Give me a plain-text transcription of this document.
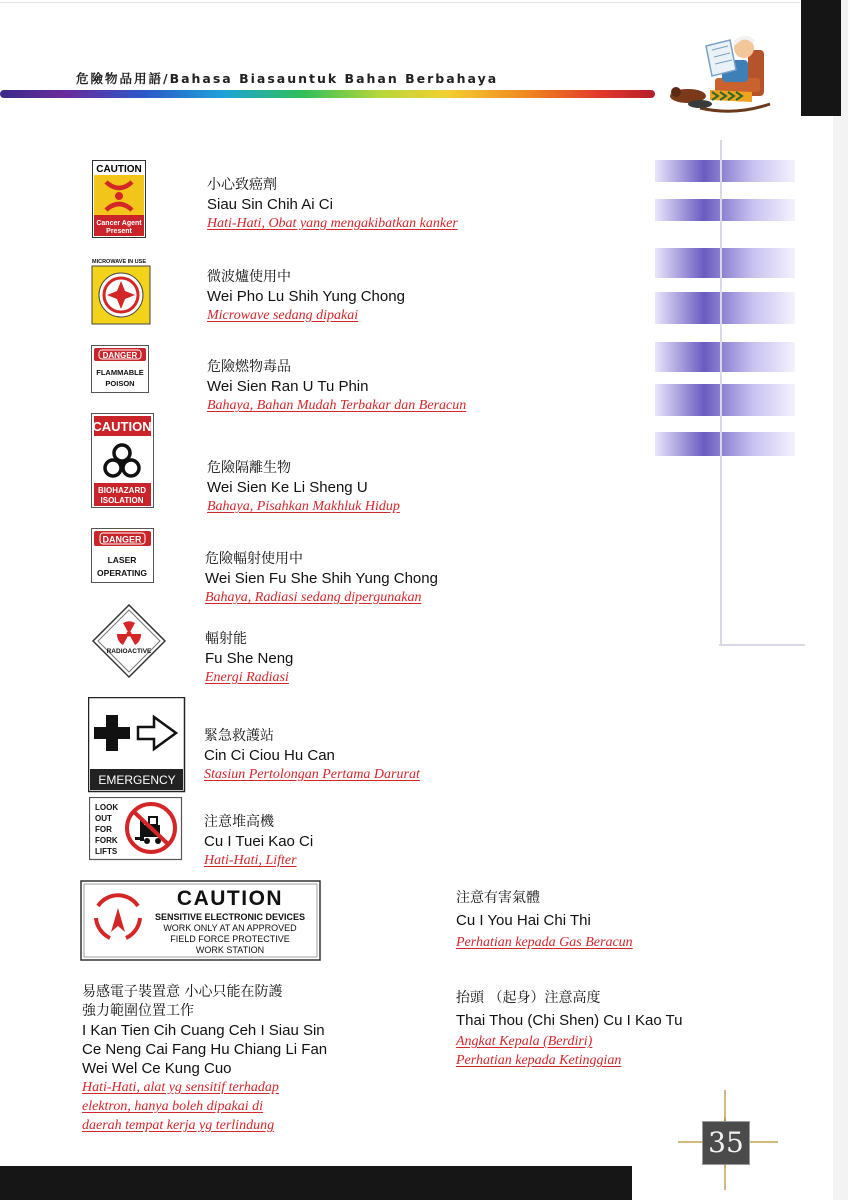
危險物品用語/Bahasa Biasauntuk Bahan Berbahaya
CAUTION
Cancer Agent
Present
小心致癌劑
Siau Sin Chih Ai Ci
Hati-Hati, Obat yang mengakibatkan kanker
MICROWAVE IN USE
微波爐使用中
Wei Pho Lu Shih Yung Chong
Microwave sedang dipakai
DANGER
FLAMMABLE
POISON
危險燃物毒品
Wei Sien Ran U Tu Phin
Bahaya, Bahan Mudah Terbakar dan Beracun
CAUTION
BIOHAZARD
ISOLATION
危險隔離生物
Wei Sien Ke Li Sheng U
Bahaya, Pisahkan Makhluk Hidup
DANGER
LASER
OPERATING
危險輻射使用中
Wei Sien Fu She Shih Yung Chong
Bahaya, Radiasi sedang dipergunakan
RADIOACTIVE
輻射能
Fu She Neng
Energi Radiasi
EMERGENCY
緊急救護站
Cin Ci Ciou Hu Can
Stasiun Pertolongan Pertama Darurat
LOOK
OUT
FOR
FORK
LIFTS
注意堆高機
Cu I Tuei Kao Ci
Hati-Hati, Lifter
CAUTION
SENSITIVE ELECTRONIC DEVICES
WORK ONLY AT AN APPROVED
FIELD FORCE PROTECTIVE
WORK STATION
易感電子裝置意 小心只能在防護
強力範圍位置工作
I Kan Tien Cih Cuang Ceh I Siau Sin
Ce Neng Cai Fang Hu Chiang Li Fan
Wei Wel Ce Kung Cuo
Hati-Hati, alat yg sensitif terhadap
elektron, hanya boleh dipakai di
daerah tempat kerja yg terlindung
注意有害氣體
Cu I You Hai Chi Thi
Perhatian kepada Gas Beracun
抬頭 （起身）注意高度
Thai Thou (Chi Shen) Cu I Kao Tu
Angkat Kepala (Berdiri)
Perhatian kepada Ketinggian
35
